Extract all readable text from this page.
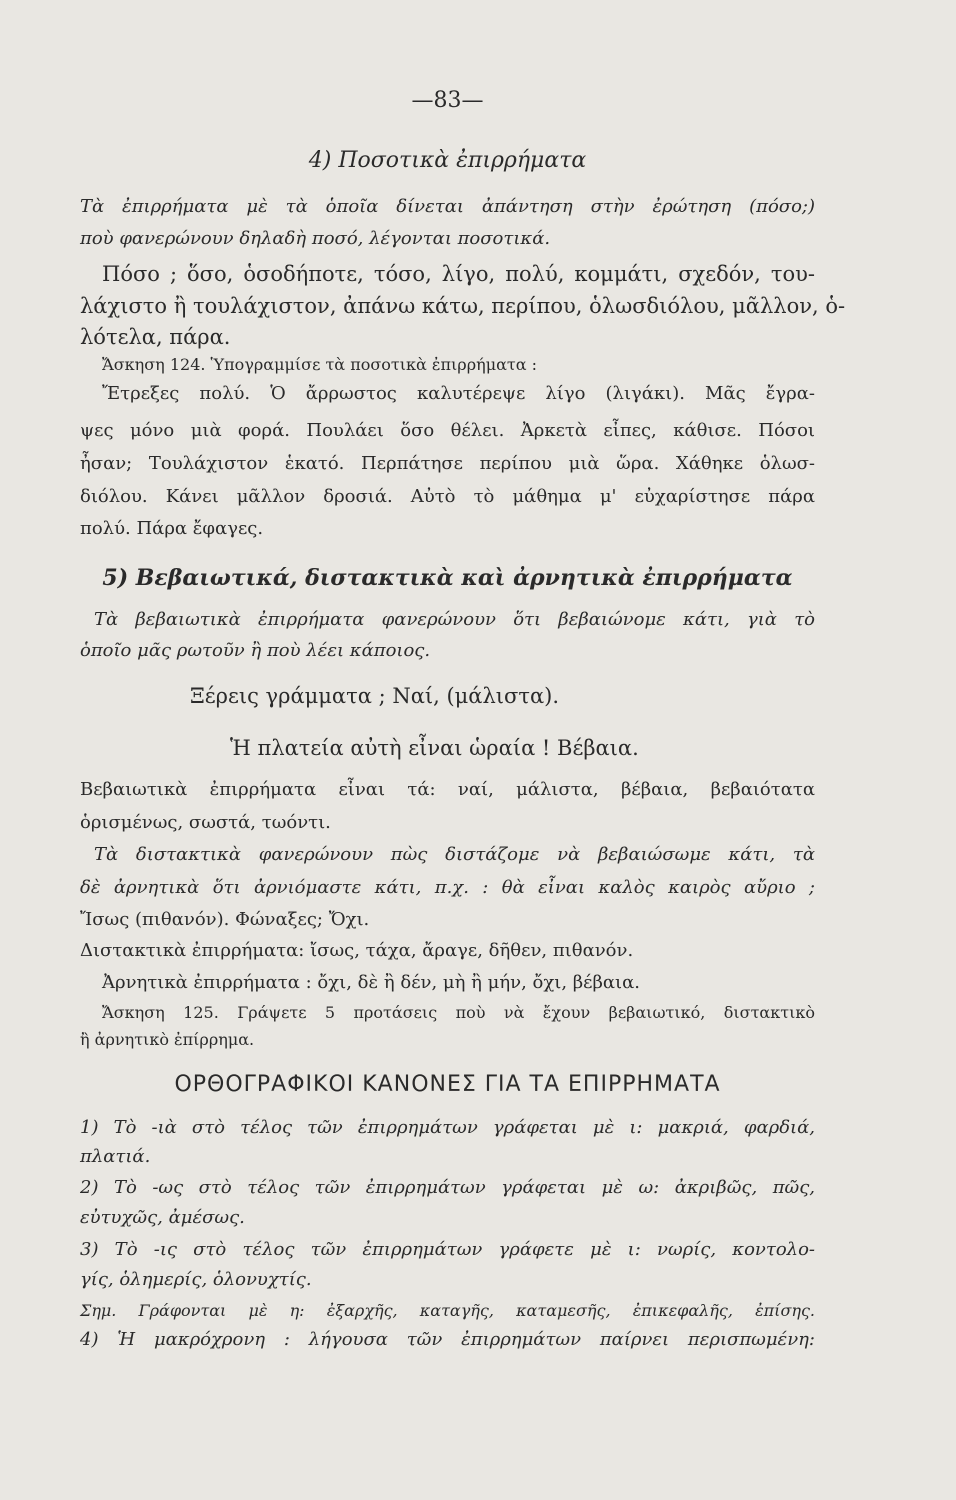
—83—
4) Ποσοτικὰ ἐπιρρήματα
Τὰ ἐπιρρήματα μὲ τὰ ὁποῖα δίνεται ἀπάντηση στὴν ἐρώτηση (πόσο;)
ποὺ φανερώνουν δηλαδὴ ποσό, λέγονται ποσοτικά.
Πόσο ; ὅσο, ὁσοδήποτε, τόσο, λίγο, πολύ, κομμάτι, σχεδόν, του-
λάχιστο ἢ τουλάχιστον, ἀπάνω κάτω, περίπου, ὁλωσδιόλου, μᾶλλον, ὁ-
λότελα, πάρα.
Ἄσκηση 124. Ὑπογραμμίσε τὰ ποσοτικὰ ἐπιρρήματα :
Ἔτρεξες πολύ. Ὁ ἄρρωστος καλυτέρεψε λίγο (λιγάκι). Μᾶς ἔγρα-
ψες μόνο μιὰ φορά. Πουλάει ὅσο θέλει. Ἀρκετὰ εἶπες, κάθισε. Πόσοι
ἦσαν; Τουλάχιστον ἑκατό. Περπάτησε περίπου μιὰ ὥρα. Χάθηκε ὁλωσ-
διόλου. Κάνει μᾶλλον δροσιά. Αὐτὸ τὸ μάθημα μ' εὐχαρίστησε πάρα
πολύ. Πάρα ἔφαγες.
5) Βεβαιωτικά, διστακτικὰ καὶ ἀρνητικὰ ἐπιρρήματα
Τὰ βεβαιωτικὰ ἐπιρρήματα φανερώνουν ὅτι βεβαιώνομε κάτι, γιὰ τὸ
ὁποῖο μᾶς ρωτοῦν ἢ ποὺ λέει κάποιος.
Ξέρεις γράμματα ; Ναί, (μάλιστα).
Ἡ πλατεία αὐτὴ εἶναι ὡραία ! Βέβαια.
Βεβαιωτικὰ ἐπιρρήματα εἶναι τά: ναί, μάλιστα, βέβαια, βεβαιότατα
ὁρισμένως, σωστά, τωόντι.
Τὰ διστακτικὰ φανερώνουν πὼς διστάζομε νὰ βεβαιώσωμε κάτι, τὰ
δὲ ἀρνητικὰ ὅτι ἀρνιόμαστε κάτι, π.χ. : θὰ εἶναι καλὸς καιρὸς αὔριο ;
Ἴσως (πιθανόν). Φώναξες; Ὄχι.
Διστακτικὰ ἐπιρρήματα: ἴσως, τάχα, ἄραγε, δῆθεν, πιθανόν.
Ἀρνητικὰ ἐπιρρήματα : ὄχι, δὲ ἢ δέν, μὴ ἢ μήν, ὄχι, βέβαια.
Ἄσκηση 125. Γράψετε 5 προτάσεις ποὺ νὰ ἔχουν βεβαιωτικό, διστακτικὸ
ἢ ἀρνητικὸ ἐπίρρημα.
ΟΡΘΟΓΡΑΦΙΚΟΙ ΚΑΝΟΝΕΣ ΓΙΑ ΤΑ ΕΠΙΡΡΗΜΑΤΑ
1) Τὸ -ιὰ στὸ τέλος τῶν ἐπιρρημάτων γράφεται μὲ ι: μακριά, φαρδιά,
πλατιά.
2) Τὸ -ως στὸ τέλος τῶν ἐπιρρημάτων γράφεται μὲ ω: ἀκριβῶς, πῶς,
εὐτυχῶς, ἀμέσως.
3) Τὸ -ις στὸ τέλος τῶν ἐπιρρημάτων γράφετε μὲ ι: νωρίς, κοντολο-
γίς, ὁλημερίς, ὁλονυχτίς.
Σημ. Γράφονται μὲ η: ἐξαρχῆς, καταγῆς, καταμεσῆς, ἐπικεφαλῆς, ἐπίσης.
4) Ἡ μακρόχρονη : λήγουσα τῶν ἐπιρρημάτων παίρνει περισπωμένη:
